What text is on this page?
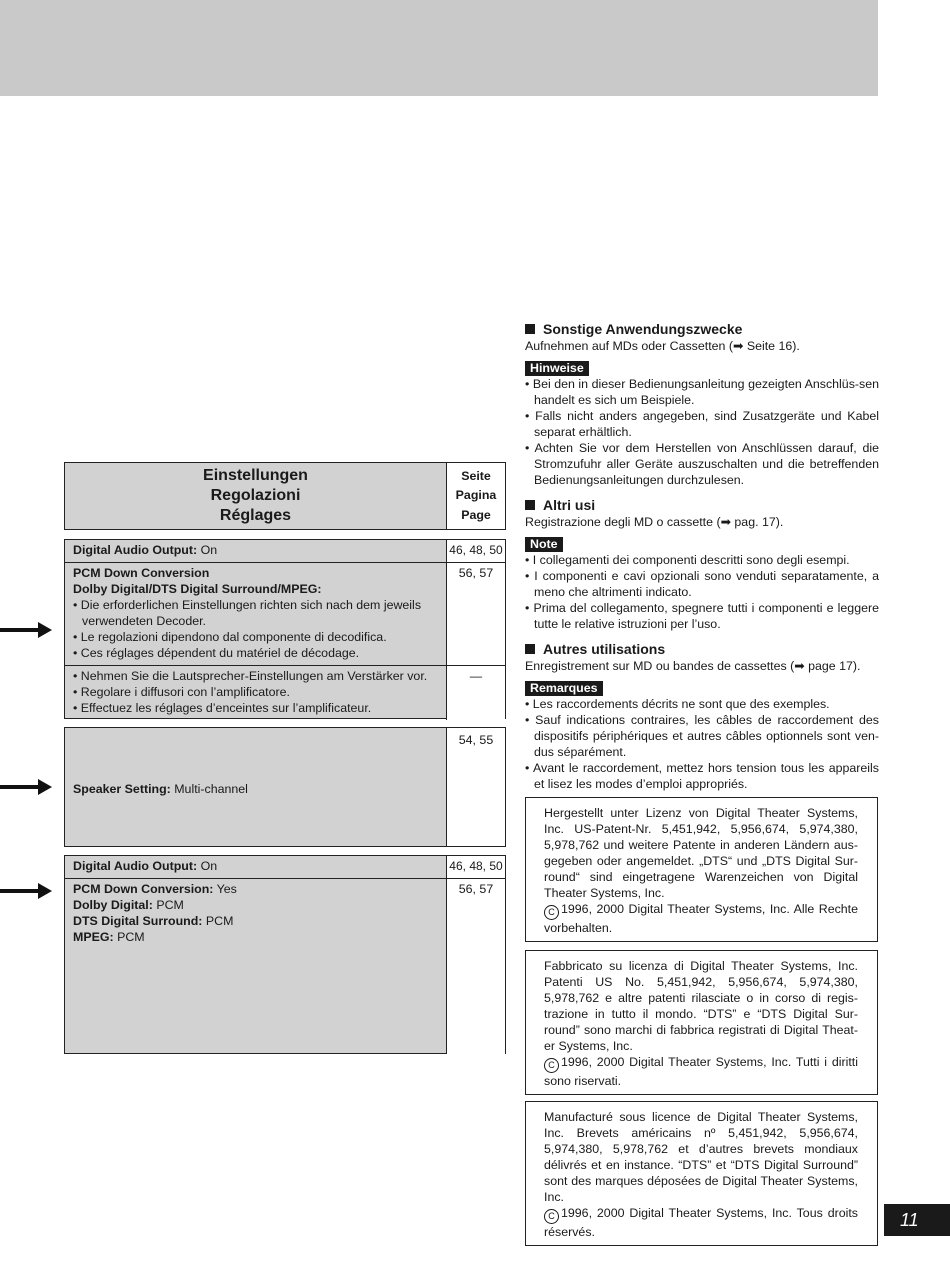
Einstellungen
Regolazioni
Réglages
Seite
Pagina
Page
Digital Audio Output: On	46, 48, 50
PCM Down Conversion
Dolby Digital/DTS Digital Surround/MPEG:
• Die erforderlichen Einstellungen richten sich nach dem jeweils verwendeten Decoder.
• Le regolazioni dipendono dal componente di decodifica.
• Ces réglages dépendent du matériel de décodage.
56, 57
• Nehmen Sie die Lautsprecher-Einstellungen am Verstärker vor.
• Regolare i diffusori con l’amplificatore.
• Effectuez les réglages d’enceintes sur l’amplificateur.
—
Speaker Setting:
Multi-channel
54, 55
Digital Audio Output: On	46, 48, 50
PCM Down Conversion: Yes
Dolby Digital: PCM
DTS Digital Surround: PCM
MPEG: PCM
56, 57
Sonstige Anwendungszwecke
Aufnehmen auf MDs oder Cassetten (➡ Seite 16).
Hinweise
• Bei den in dieser Bedienungsanleitung gezeigten Anschlüs-sen handelt es sich um Beispiele.
• Falls nicht anders angegeben, sind Zusatzgeräte und Kabel separat erhältlich.
• Achten Sie vor dem Herstellen von Anschlüssen darauf, die Stromzufuhr aller Geräte auszuschalten und die betreffenden Bedienungsanleitungen durchzulesen.
Altri usi
Registrazione degli MD o cassette (➡ pag. 17).
Note
• I collegamenti dei componenti descritti sono degli esempi.
• I componenti e cavi opzionali sono venduti separatamente, a meno che altrimenti indicato.
• Prima del collegamento, spegnere tutti i componenti e leggere tutte le relative istruzioni per l’uso.
Autres utilisations
Enregistrement sur MD ou bandes de cassettes (➡ page 17).
Remarques
• Les raccordements décrits ne sont que des exemples.
• Sauf indications contraires, les câbles de raccordement des dispositifs périphériques et autres câbles optionnels sont ven-dus séparément.
• Avant le raccordement, mettez hors tension tous les appareils et lisez les modes d’emploi appropriés.
Hergestellt unter Lizenz von Digital Theater Systems, Inc. US-Patent-Nr. 5,451,942, 5,956,674, 5,974,380, 5,978,762 und weitere Patente in anderen Ländern aus-gegeben oder angemeldet. „DTS“ und „DTS Digital Sur-round“ sind eingetragene Warenzeichen von Digital Theater Systems, Inc.
C 1996, 2000 Digital Theater Systems, Inc. Alle Rechte vorbehalten.
Fabbricato su licenza di Digital Theater Systems, Inc. Patenti US No. 5,451,942, 5,956,674, 5,974,380, 5,978,762 e altre patenti rilasciate o in corso di regis-trazione in tutto il mondo. “DTS” e “DTS Digital Sur-round” sono marchi di fabbrica registrati di Digital Theat-er Systems, Inc.
C 1996, 2000 Digital Theater Systems, Inc. Tutti i diritti sono riservati.
Manufacturé sous licence de Digital Theater Systems, Inc. Brevets américains nº 5,451,942, 5,956,674, 5,974,380, 5,978,762 et d’autres brevets mondiaux délivrés et en instance. “DTS” et “DTS Digital Surround” sont des marques déposées de Digital Theater Systems, Inc.
C 1996, 2000 Digital Theater Systems, Inc. Tous droits réservés.
11
